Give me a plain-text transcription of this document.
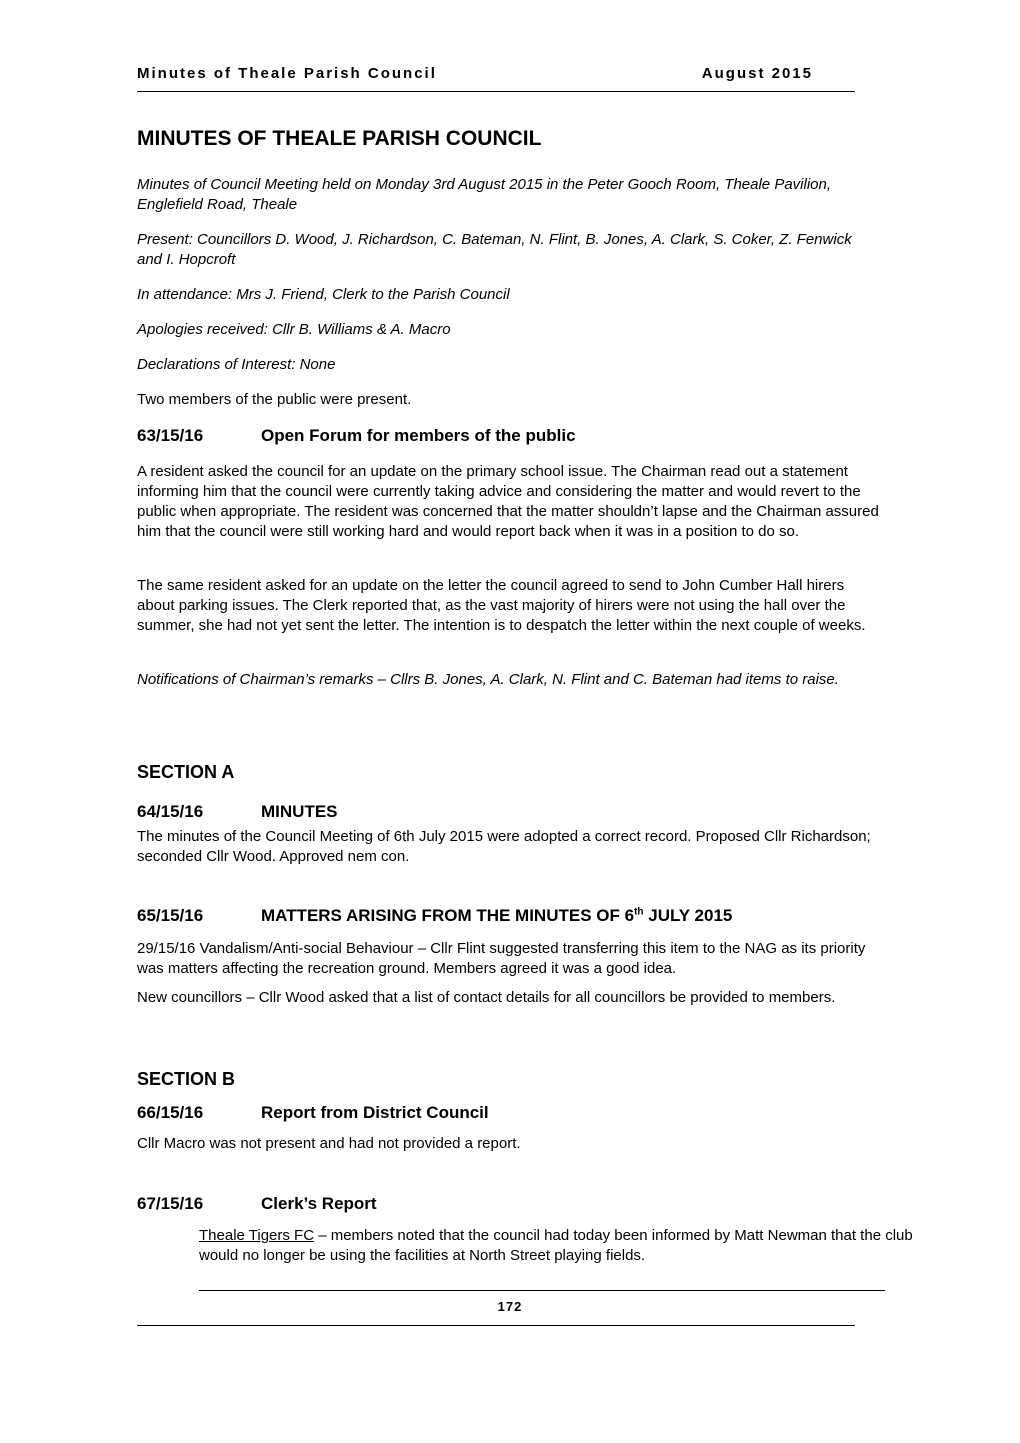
Minutes of Theale Parish Council	August 2015
MINUTES OF THEALE PARISH COUNCIL
Minutes of Council Meeting held on Monday 3rd August 2015 in the Peter Gooch Room, Theale Pavilion, Englefield Road, Theale
Present: Councillors D. Wood, J. Richardson, C. Bateman, N. Flint, B. Jones, A. Clark, S. Coker, Z. Fenwick and I. Hopcroft
In attendance: Mrs J. Friend, Clerk to the Parish Council
Apologies received: Cllr B. Williams & A. Macro
Declarations of Interest: None
Two members of the public were present.
63/15/16	Open Forum for members of the public
A resident asked the council for an update on the primary school issue. The Chairman read out a statement informing him that the council were currently taking advice and considering the matter and would revert to the public when appropriate. The resident was concerned that the matter shouldn’t lapse and the Chairman assured him that the council were still working hard and would report back when it was in a position to do so.
The same resident asked for an update on the letter the council agreed to send to John Cumber Hall hirers about parking issues. The Clerk reported that, as the vast majority of hirers were not using the hall over the summer, she had not yet sent the letter. The intention is to despatch the letter within the next couple of weeks.
Notifications of Chairman’s remarks – Cllrs B. Jones, A. Clark, N. Flint and C. Bateman had items to raise.
SECTION A
64/15/16	MINUTES
The minutes of the Council Meeting of 6th July 2015 were adopted a correct record. Proposed Cllr Richardson; seconded Cllr Wood. Approved nem con.
65/15/16	MATTERS ARISING FROM THE MINUTES OF 6th JULY 2015
29/15/16 Vandalism/Anti-social Behaviour – Cllr Flint suggested transferring this item to the NAG as its priority was matters affecting the recreation ground. Members agreed it was a good idea.
New councillors – Cllr Wood asked that a list of contact details for all councillors be provided to members.
SECTION B
66/15/16	Report from District Council
Cllr Macro was not present and had not provided a report.
67/15/16	Clerk’s Report
Theale Tigers FC – members noted that the council had today been informed by Matt Newman that the club would no longer be using the facilities at North Street playing fields.
172
